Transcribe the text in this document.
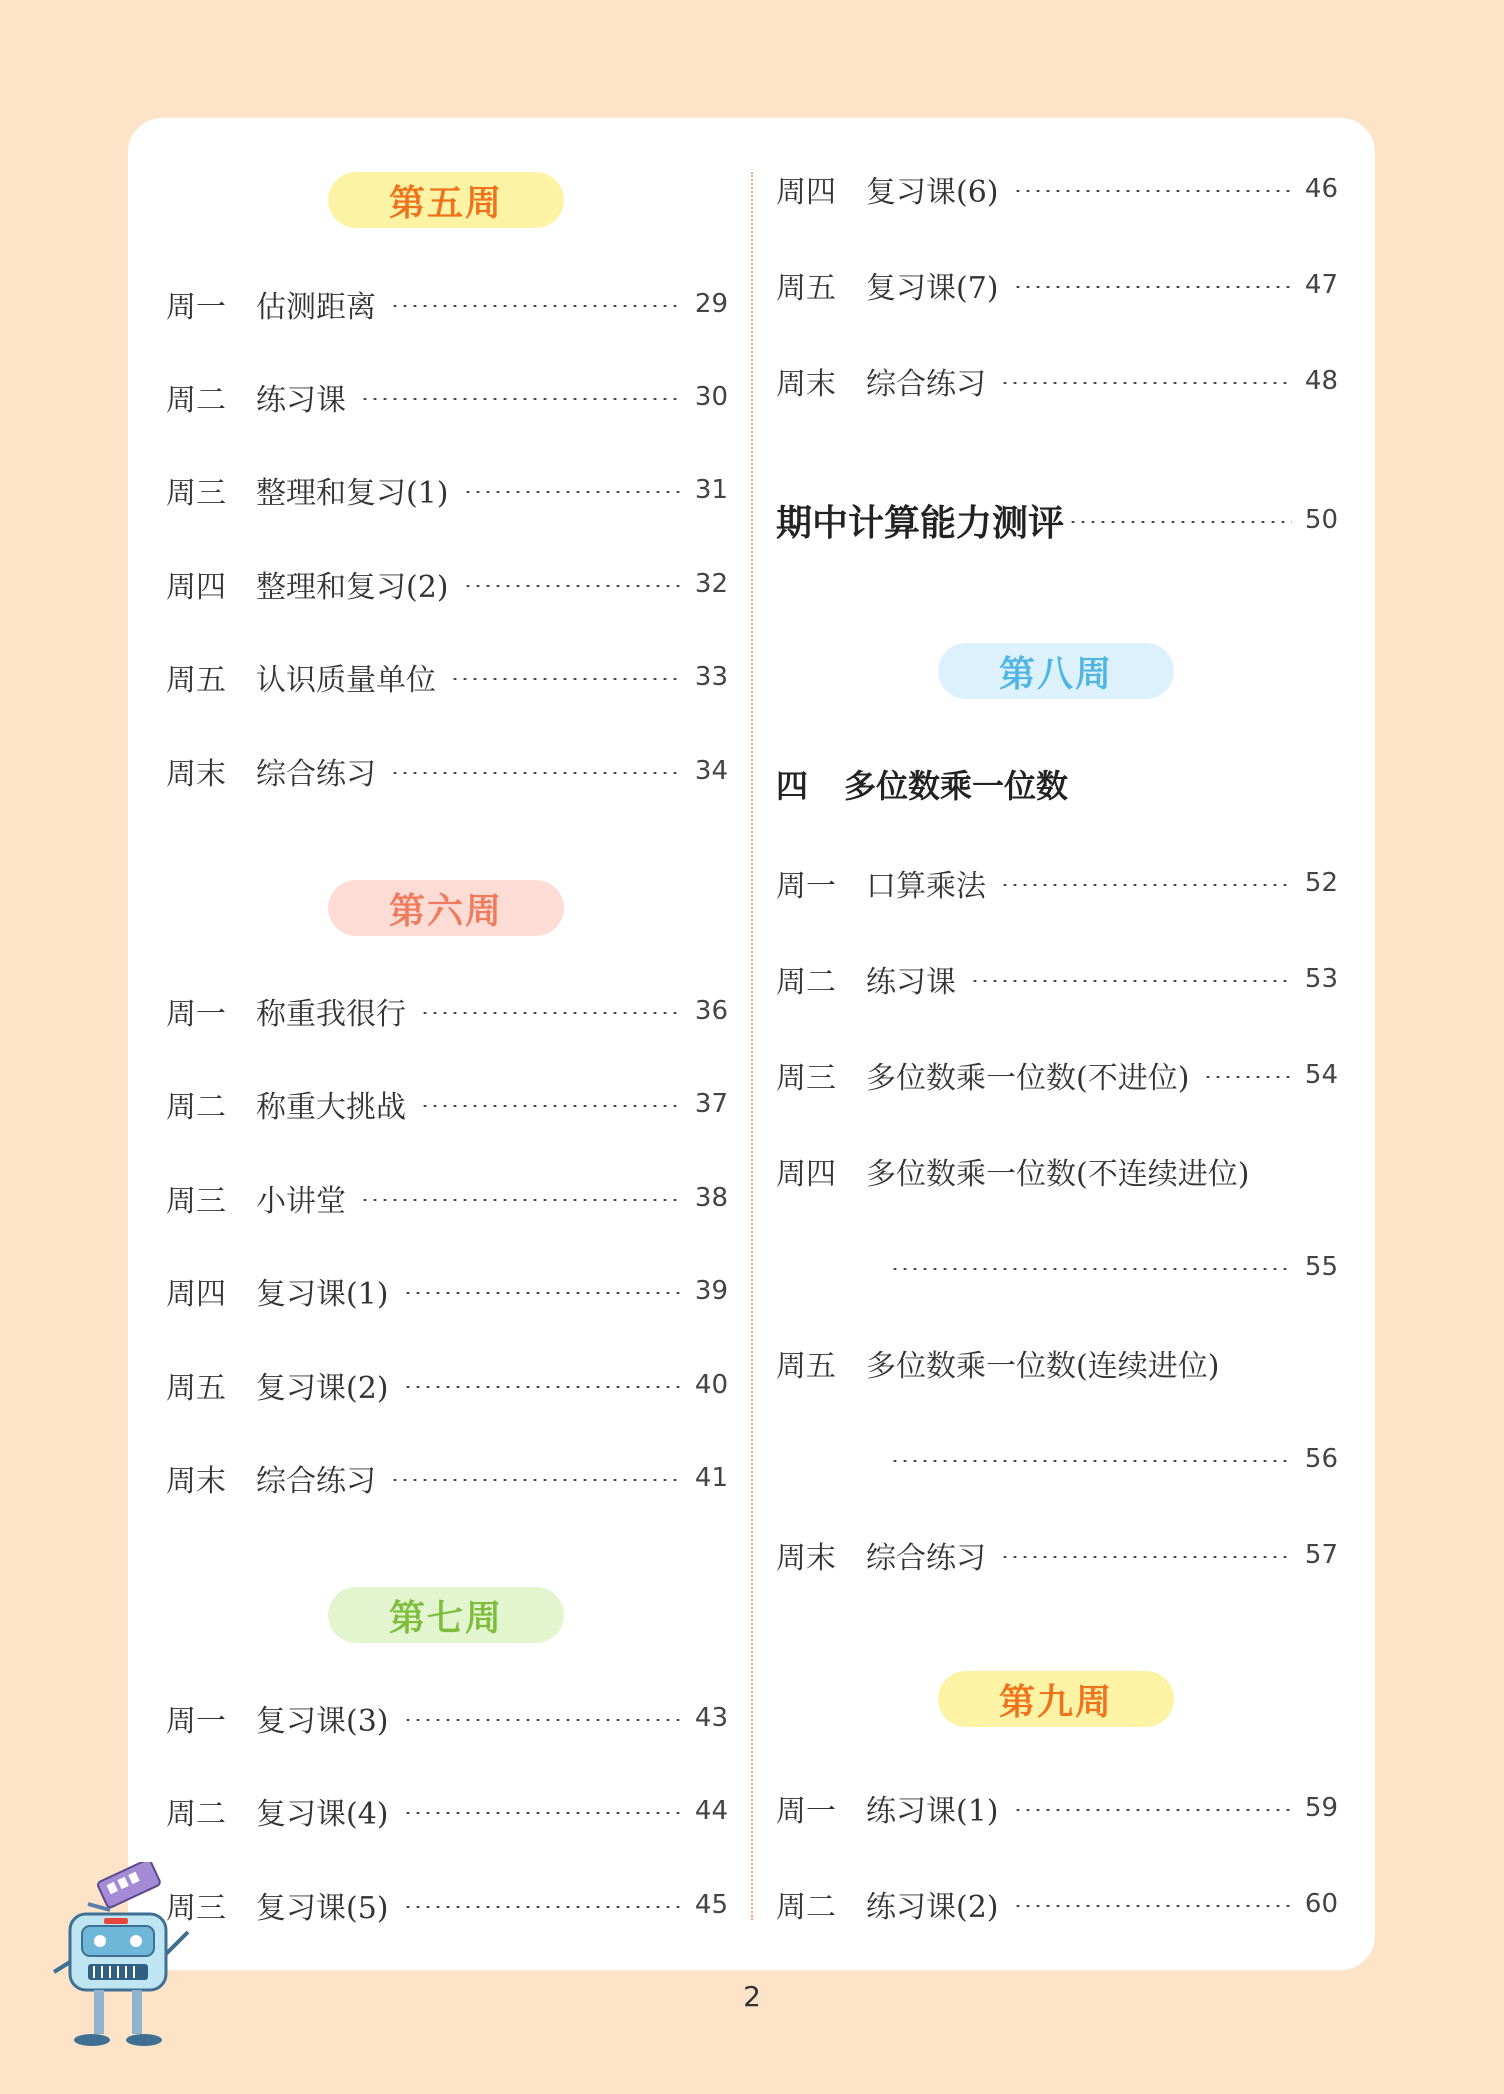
第五周
周一	估测距离	29
周二	练习课	30
周三	整理和复习(1)	31
周四	整理和复习(2)	32
周五	认识质量单位	33
周末	综合练习	34
第六周
周一	称重我很行	36
周二	称重大挑战	37
周三	小讲堂	38
周四	复习课(1)	39
周五	复习课(2)	40
周末	综合练习	41
第七周
周一	复习课(3)	43
周二	复习课(4)	44
周三	复习课(5)	45
周四	复习课(6)	46
周五	复习课(7)	47
周末	综合练习	48
期中计算能力测评	50
第八周
四 多位数乘一位数
周一	口算乘法	52
周二	练习课	53
周三	多位数乘一位数(不进位)	54
周四	多位数乘一位数(不连续进位)
55
周五	多位数乘一位数(连续进位)
56
周末	综合练习	57
第九周
周一	练习课(1)	59
周二	练习课(2)	60
2
